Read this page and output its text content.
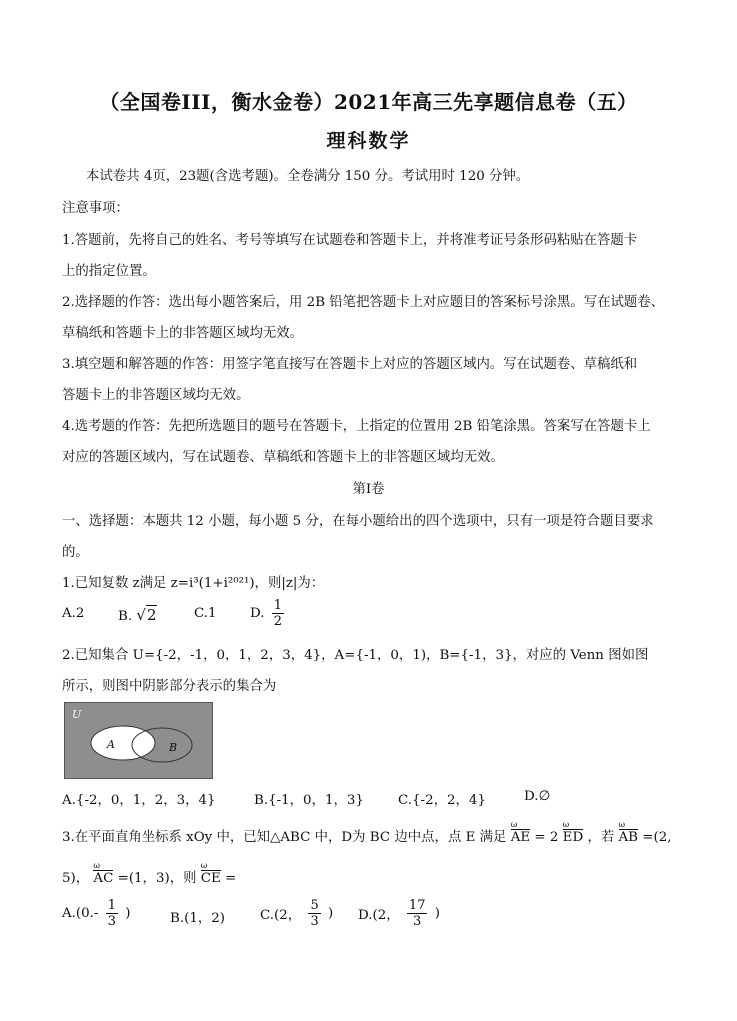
（全国卷III，衡水金卷）2021年高三先享题信息卷（五）
理科数学
本试卷共 4页，23题(含选考题)。全卷满分 150 分。考试用时 120 分钟。
注意事项：
1.答题前，先将自己的姓名、考号等填写在试题卷和答题卡上，并将准考证号条形码粘贴在答题卡
上的指定位置。
2.选择题的作答：选出每小题答案后，用 2B 铅笔把答题卡上对应题目的答案标号涂黑。写在试题卷、
草稿纸和答题卡上的非答题区域均无效。
3.填空题和解答题的作答：用签字笔直接写在答题卡上对应的答题区域内。写在试题卷、草稿纸和
答题卡上的非答题区域均无效。
4.选考题的作答：先把所选题目的题号在答题卡，上指定的位置用 2B 铅笔涂黑。答案写在答题卡上
对应的答题区域内，写在试题卷、草稿纸和答题卡上的非答题区域均无效。
第Ⅰ卷
一、选择题：本题共 12 小题，每小题 5 分，在每小题给出的四个选项中，只有一项是符合题目要求
的。
1.已知复数 z满足 z=i³(1+i²⁰²¹)，则|z|为：
A.2	B. √2	C.1 D. $\frac{1}{2}$
2.已知集合 U={-2，-1，0，1，2，3，4}，A={-1，0，1)，B={-1，3}，对应的 Venn 图如图
所示，则图中阴影部分表示的集合为
U
A	B
A.{-2，0，1，2，3，4}	B.{-1，0，1，3}	C.{-2，2，4}	D.∅
3.在平面直角坐标系 xOy 中，已知△ABC 中，D为 BC 边中点，点 E 满足 ω AE = 2 ω ED ，若 ω AB =(2,
5)， ω AC =(1，3)，则 ω CE =
$A.(0.- \frac{1}{3}$ )	B.(1，2)	C.(2， $\frac{5}{3}$ ) D.(2， $\frac{17}{3}$ )
